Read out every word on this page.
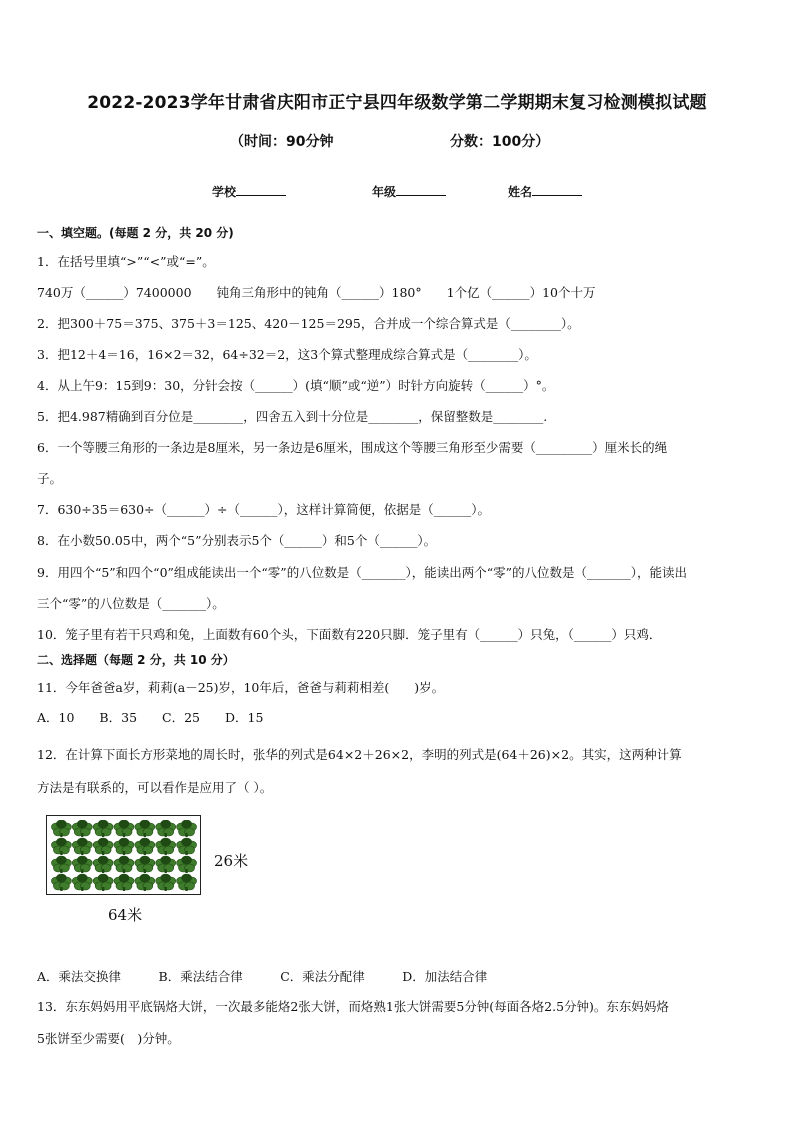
2022-2023学年甘肃省庆阳市正宁县四年级数学第二学期期末复习检测模拟试题
（时间：90分钟	分数：100分）
学校	年级	姓名
一、填空题。(每题 2 分，共 20 分)
1．在括号里填“>”“<”或“=”。
740万（______）7400000　　钝角三角形中的钝角（______）180°　　1个亿（______）10个十万
2．把300＋75＝375、375＋3＝125、420－125＝295，合并成一个综合算式是（________）。
3．把12＋4＝16，16×2＝32，64÷32＝2，这3个算式整理成综合算式是（________）。
4．从上午9：15到9：30，分针会按（______）(填“顺”或“逆”）时针方向旋转（______）°。
5．把4.987精确到百分位是________，四舍五入到十分位是________，保留整数是________.
6．一个等腰三角形的一条边是8厘米，另一条边是6厘米，围成这个等腰三角形至少需要（_________）厘米长的绳
子。
7．630÷35＝630÷（______）÷（______），这样计算简便，依据是（______）。
8．在小数50.05中，两个“5”分别表示5个（______）和5个（______）。
9．用四个“5”和四个“0”组成能读出一个“零”的八位数是（_______），能读出两个“零”的八位数是（_______），能读出
三个“零”的八位数是（_______）。
10．笼子里有若干只鸡和兔，上面数有60个头，下面数有220只脚．笼子里有（______）只兔，（______）只鸡．
二、选择题（每题 2 分，共 10 分）
11．今年爸爸a岁，莉莉(a－25)岁，10年后，爸爸与莉莉相差(　　)岁。
A．10　　B．35　　C．25　　D．15
12．在计算下面长方形菜地的周长时，张华的列式是64×2＋26×2，李明的列式是(64＋26)×2。其实，这两种计算
方法是有联系的，可以看作是应用了（ ）。
26米
64米
A．乘法交换律　　　B．乘法结合律　　　C．乘法分配律　　　D．加法结合律
13．东东妈妈用平底锅烙大饼，一次最多能烙2张大饼，而烙熟1张大饼需要5分钟(每面各烙2.5分钟)。东东妈妈烙
5张饼至少需要(　)分钟。
